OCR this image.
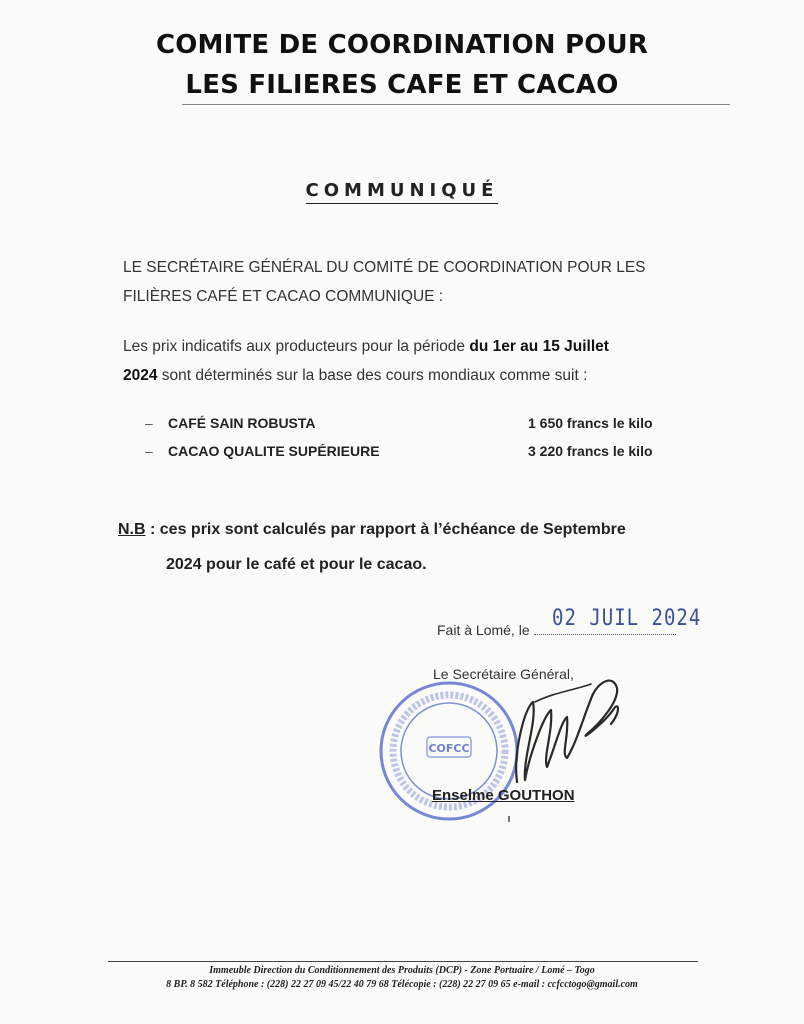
COMITE DE COORDINATION POUR
LES FILIERES CAFE ET CACAO
COMMUNIQUÉ
LE SECRÉTAIRE GÉNÉRAL DU COMITÉ DE COORDINATION POUR LES
FILIÈRES CAFÉ ET CACAO COMMUNIQUE :
Les prix indicatifs aux producteurs pour la période du 1er au 15 Juillet
2024 sont déterminés sur la base des cours mondiaux comme suit :
– CAFÉ SAIN ROBUSTA	1 650 francs le kilo
– CACAO QUALITE SUPÉRIEURE	3 220 francs le kilo
N.B : ces prix sont calculés par rapport à l’échéance de Septembre
2024 pour le café et pour le cacao.
Fait à Lomé, le	02 JUIL 2024
Le Secrétaire Général,
COFCC
Enselme GOUTHON
Immeuble Direction du Conditionnement des Produits (DCP) - Zone Portuaire / Lomé – Togo
8 BP. 8 582 Téléphone : (228) 22 27 09 45/22 40 79 68 Télécopie : (228) 22 27 09 65 e-mail : ccfcctogo@gmail.com
